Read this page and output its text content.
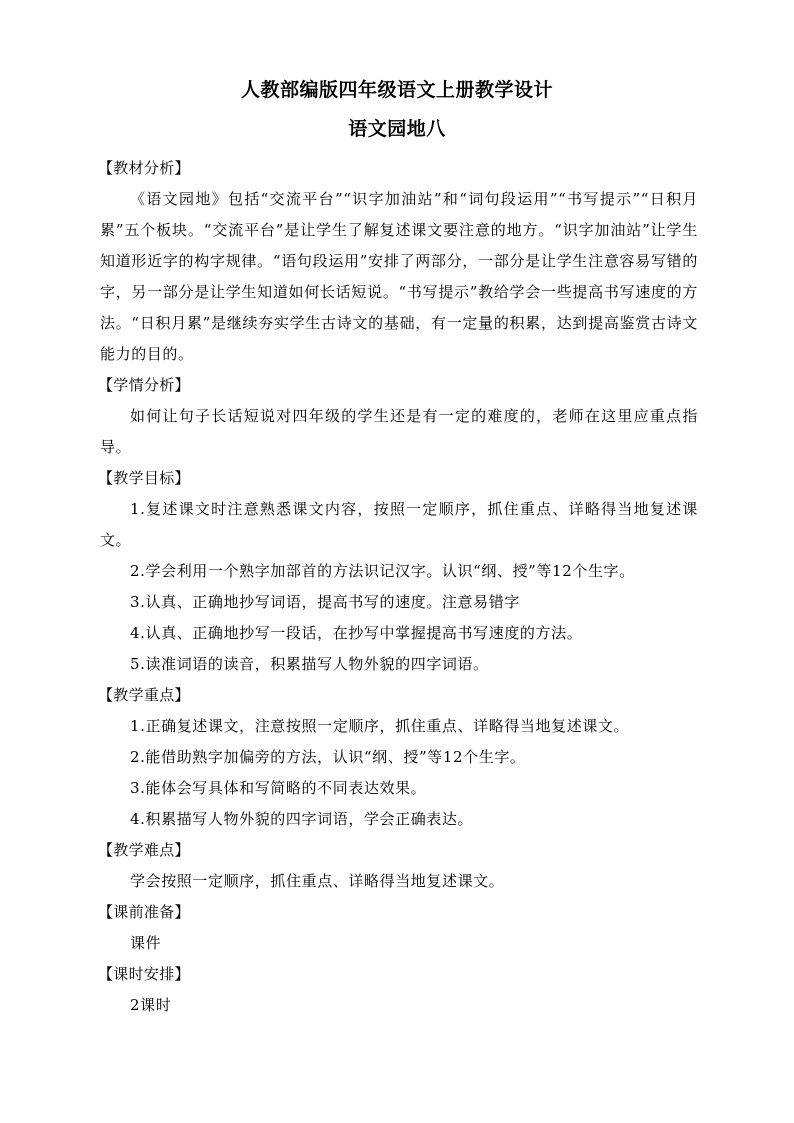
人教部编版四年级语文上册教学设计
语文园地八
【教材分析】

《语文园地》包括“交流平台”“识字加油站”和“词句段运用”“书写提示”“日积月累”五个板块。“交流平台”是让学生了解复述课文要注意的地方。“识字加油站”让学生知道形近字的构字规律。“语句段运用”安排了两部分，一部分是让学生注意容易写错的字，另一部分是让学生知道如何长话短说。“书写提示”教给学会一些提高书写速度的方法。“日积月累”是继续夯实学生古诗文的基础，有一定量的积累，达到提高鉴赏古诗文能力的目的。

【学情分析】

如何让句子长话短说对四年级的学生还是有一定的难度的，老师在这里应重点指导。

【教学目标】

1.复述课文时注意熟悉课文内容，按照一定顺序，抓住重点、详略得当地复述课文。

2.学会利用一个熟字加部首的方法识记汉字。认识“纲、授”等12个生字。

3.认真、正确地抄写词语，提高书写的速度。注意易错字

4.认真、正确地抄写一段话，在抄写中掌握提高书写速度的方法。

5.读准词语的读音，积累描写人物外貌的四字词语。

【教学重点】

1.正确复述课文，注意按照一定顺序，抓住重点、详略得当地复述课文。

2.能借助熟字加偏旁的方法，认识“纲、授”等12个生字。

3.能体会写具体和写简略的不同表达效果。

4.积累描写人物外貌的四字词语，学会正确表达。

【教学难点】

学会按照一定顺序，抓住重点、详略得当地复述课文。

【课前准备】

课件

【课时安排】

2课时
